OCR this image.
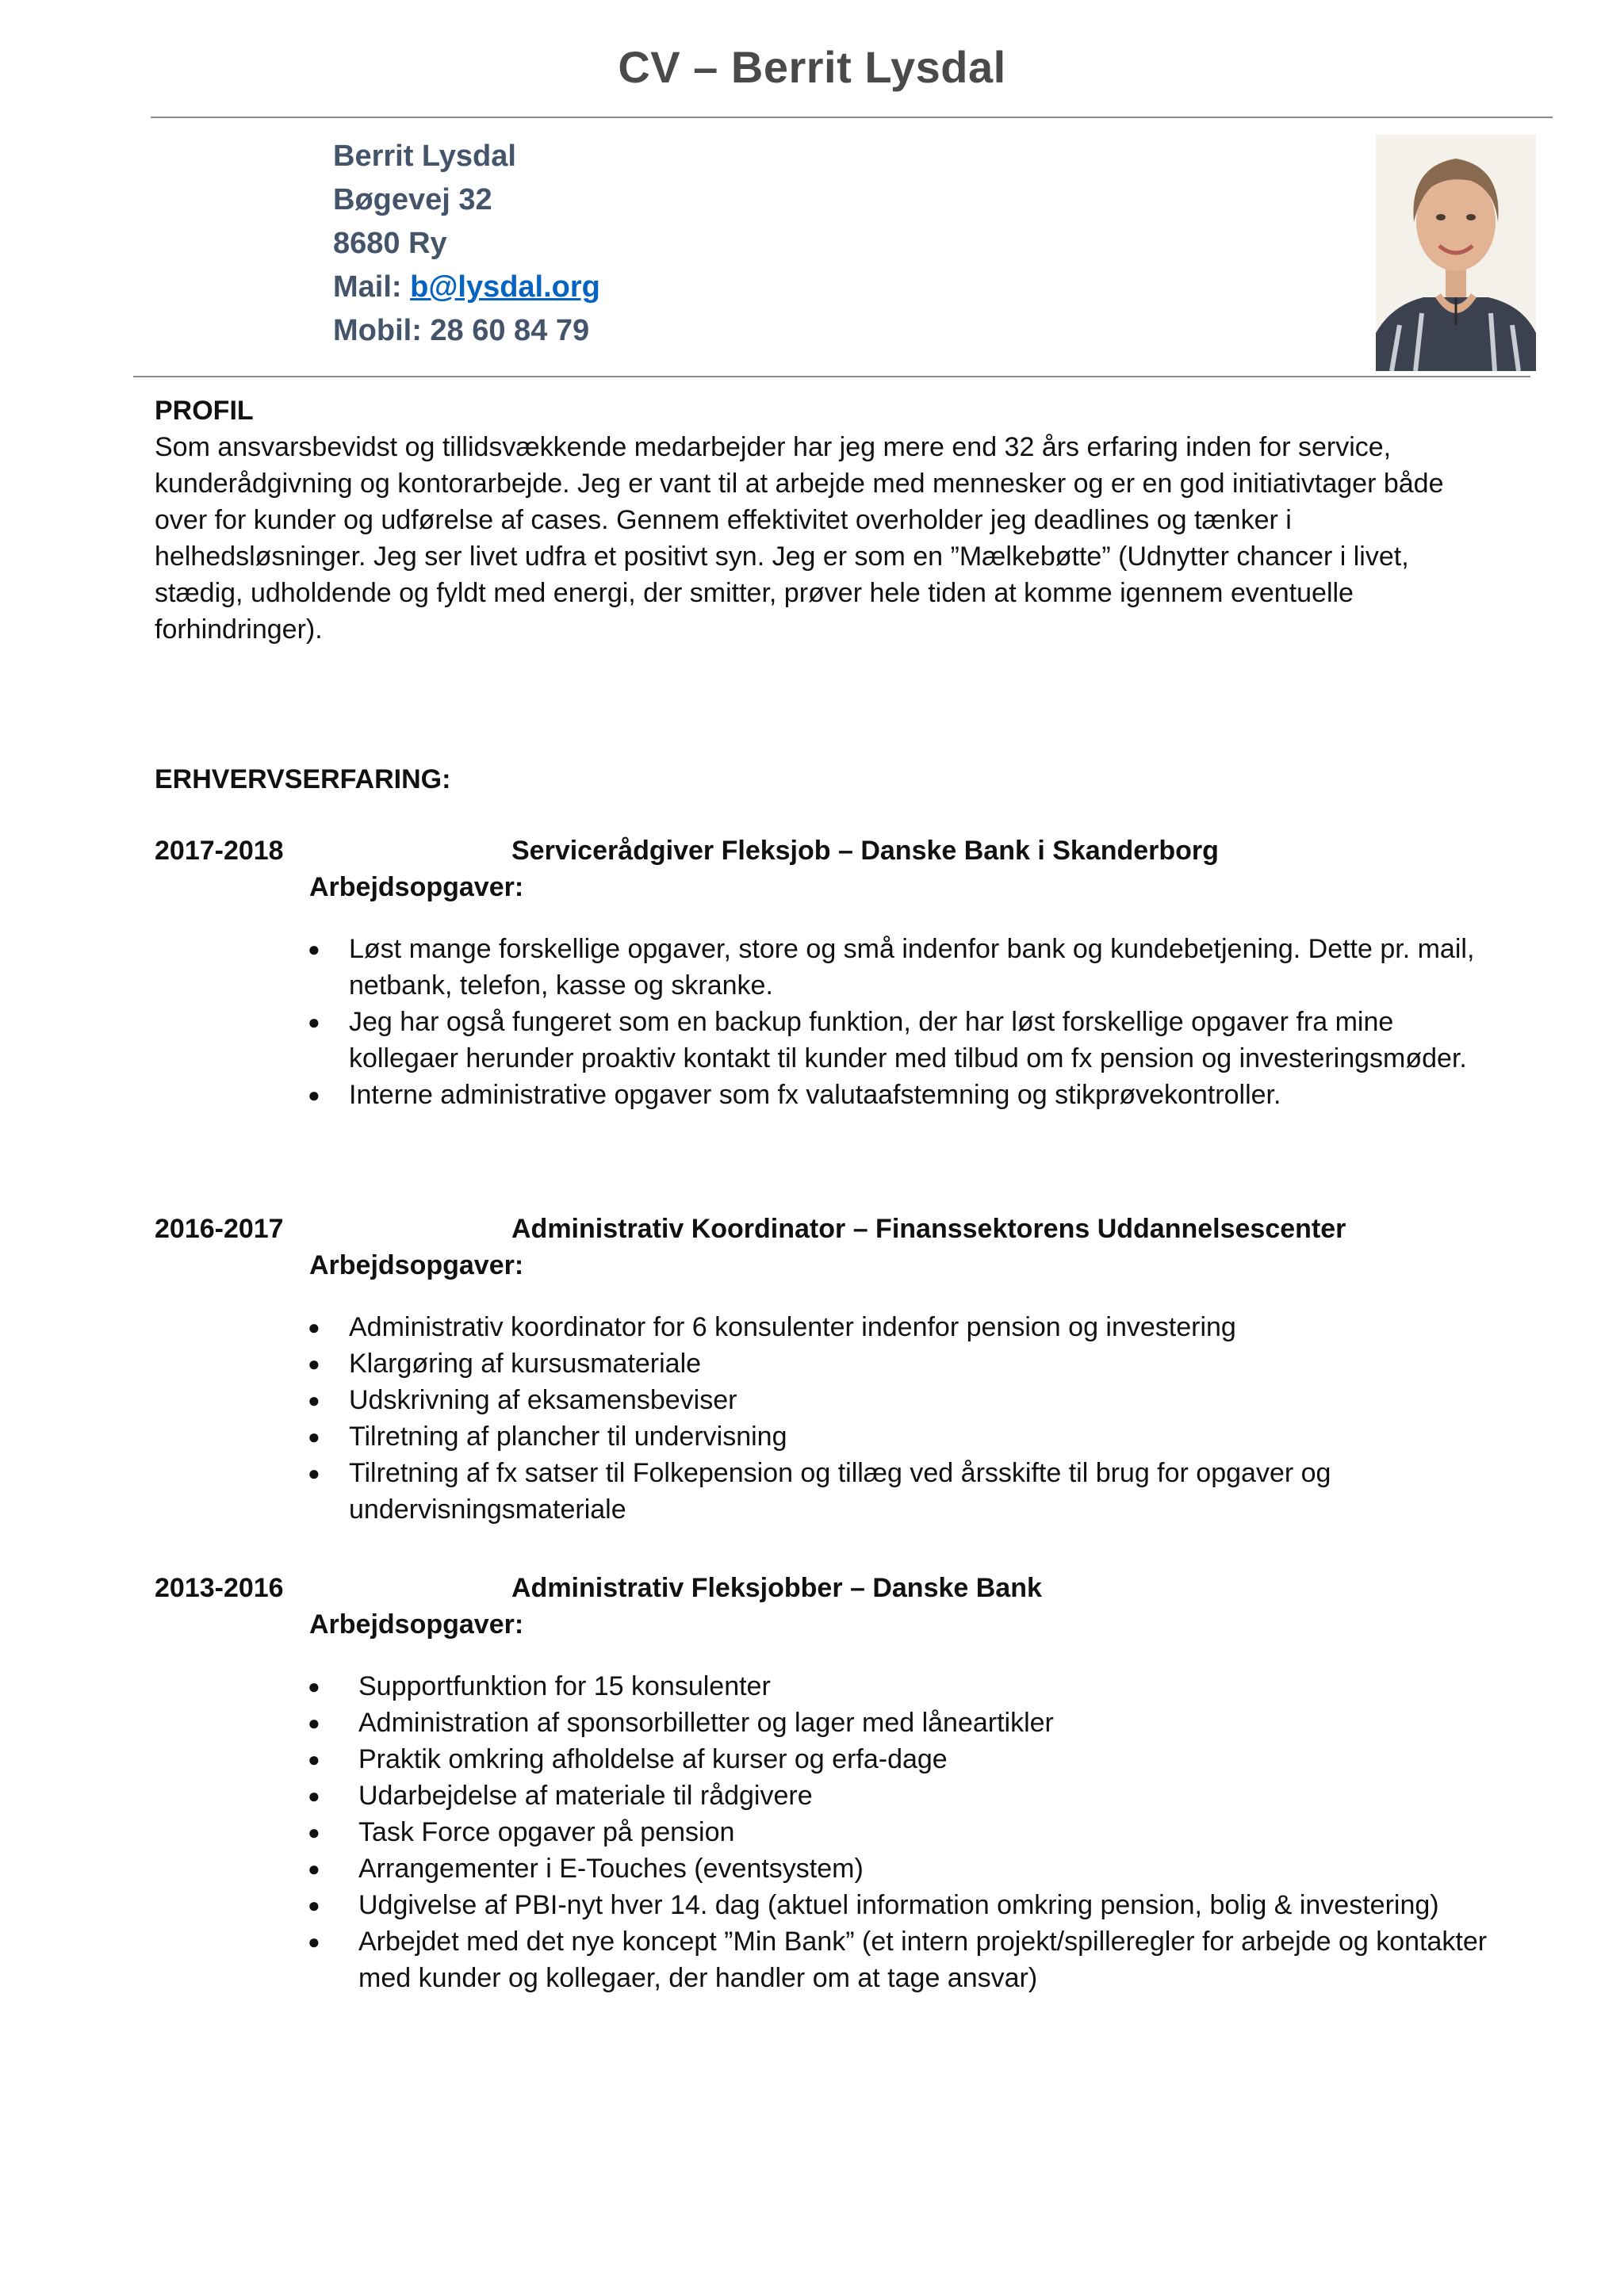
CV – Berrit Lysdal
Berrit Lysdal
Bøgevej 32
8680 Ry
Mail: b@lysdal.org
Mobil: 28 60 84 79
PROFIL

Som ansvarsbevidst og tillidsvækkende medarbejder har jeg mere end 32 års erfaring inden for service, kunderådgivning og kontorarbejde. Jeg er vant til at arbejde med mennesker og er en god initiativtager både over for kunder og udførelse af cases. Gennem effektivitet overholder jeg deadlines og tænker i helhedsløsninger. Jeg ser livet udfra et positivt syn. Jeg er som en ”Mælkebøtte” (Udnytter chancer i livet, stædig, udholdende og fyldt med energi, der smitter, prøver hele tiden at komme igennem eventuelle forhindringer).

ERHVERVSERFARING:
2017-2018	Servicerådgiver Fleksjob – Danske Bank i Skanderborg
Arbejdsopgaver:
● Løst mange forskellige opgaver, store og små indenfor bank og kundebetjening. Dette pr. mail, netbank, telefon, kasse og skranke.
● Jeg har også fungeret som en backup funktion, der har løst forskellige opgaver fra mine kollegaer herunder proaktiv kontakt til kunder med tilbud om fx pension og investeringsmøder.
● Interne administrative opgaver som fx valutaafstemning og stikprøvekontroller.
2016-2017	Administrativ Koordinator – Finanssektorens Uddannelsescenter
Arbejdsopgaver:
● Administrativ koordinator for 6 konsulenter indenfor pension og investering
● Klargøring af kursusmateriale
● Udskrivning af eksamensbeviser
● Tilretning af plancher til undervisning
● Tilretning af fx satser til Folkepension og tillæg ved årsskifte til brug for opgaver og undervisningsmateriale
2013-2016	Administrativ Fleksjobber – Danske Bank
Arbejdsopgaver:
● Supportfunktion for 15 konsulenter
● Administration af sponsorbilletter og lager med låneartikler
● Praktik omkring afholdelse af kurser og erfa-dage
● Udarbejdelse af materiale til rådgivere
● Task Force opgaver på pension
● Arrangementer i E-Touches (eventsystem)
● Udgivelse af PBI-nyt hver 14. dag (aktuel information omkring pension, bolig & investering)
● Arbejdet med det nye koncept ”Min Bank” (et intern projekt/spilleregler for arbejde og kontakter med kunder og kollegaer, der handler om at tage ansvar)
